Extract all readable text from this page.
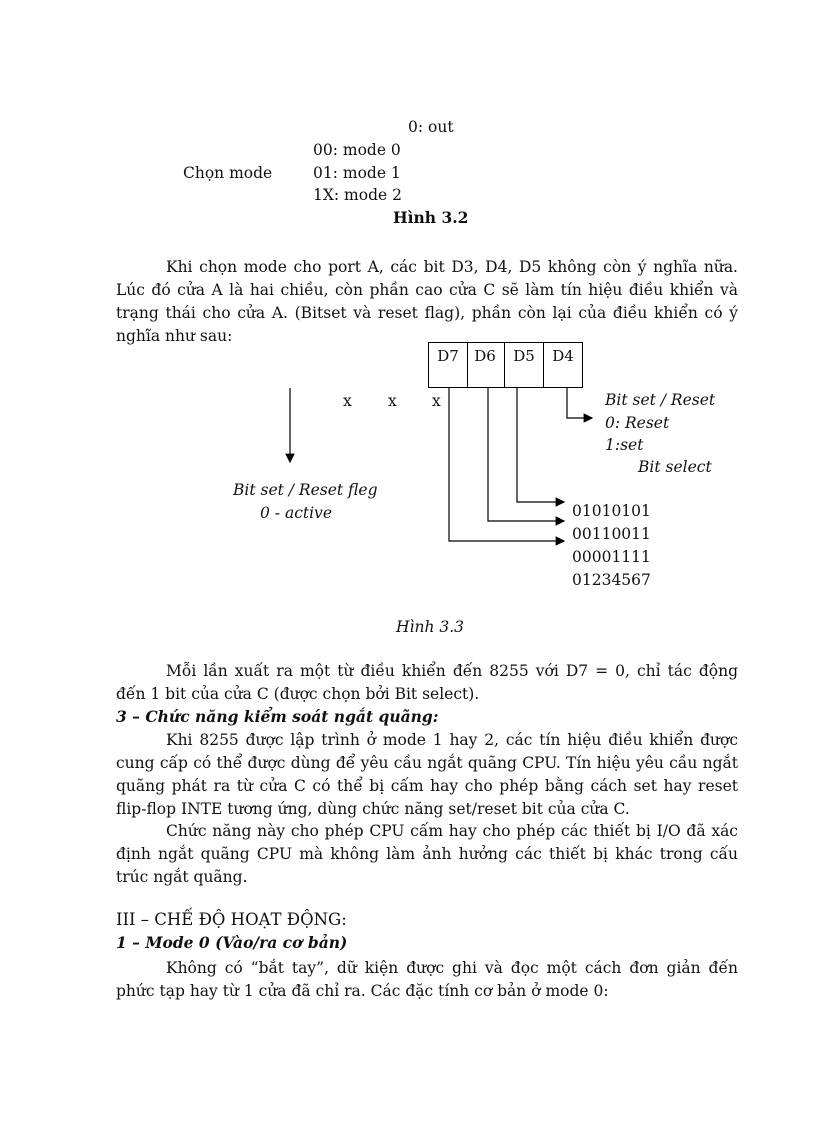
0: out
00: mode 0
Chọn mode	01: mode 1
1X: mode 2
Hình 3.2

Khi chọn mode cho port A, các bit D3, D4, D5 không còn ý nghĩa nữa. Lúc đó cửa A là hai chiều, còn phần cao cửa C sẽ làm tín hiệu điều khiển và trạng thái cho cửa A. (Bitset và reset flag), phần còn lại của điều khiển có ý nghĩa như sau:

D7	D6	D5	D4
x x x	Bit set / Reset
0: Reset
1:set
Bit select
Bit set / Reset fleg
0 - active	01010101
00110011
00001111
01234567
Hình 3.3

Mỗi lần xuất ra một từ điều khiển đến 8255 với D7 = 0, chỉ tác động đến 1 bit của cửa C (được chọn bởi Bit select).

3 – Chức năng kiểm soát ngắt quãng:

Khi 8255 được lập trình ở mode 1 hay 2, các tín hiệu điều khiển được cung cấp có thể được dùng để yêu cầu ngắt quãng CPU. Tín hiệu yêu cầu ngắt quãng phát ra từ cửa C có thể bị cấm hay cho phép bằng cách set hay reset flip-flop INTE tương ứng, dùng chức năng set/reset bit của cửa C.

Chức năng này cho phép CPU cấm hay cho phép các thiết bị I/O đã xác định ngắt quãng CPU mà không làm ảnh hưởng các thiết bị khác trong cấu trúc ngắt quãng.

III – CHẾ ĐỘ HOẠT ĐỘNG:
1 – Mode 0 (Vào/ra cơ bản)

Không có “bắt tay”, dữ kiện được ghi và đọc một cách đơn giản đến phức tạp hay từ 1 cửa đã chỉ ra. Các đặc tính cơ bản ở mode 0:
